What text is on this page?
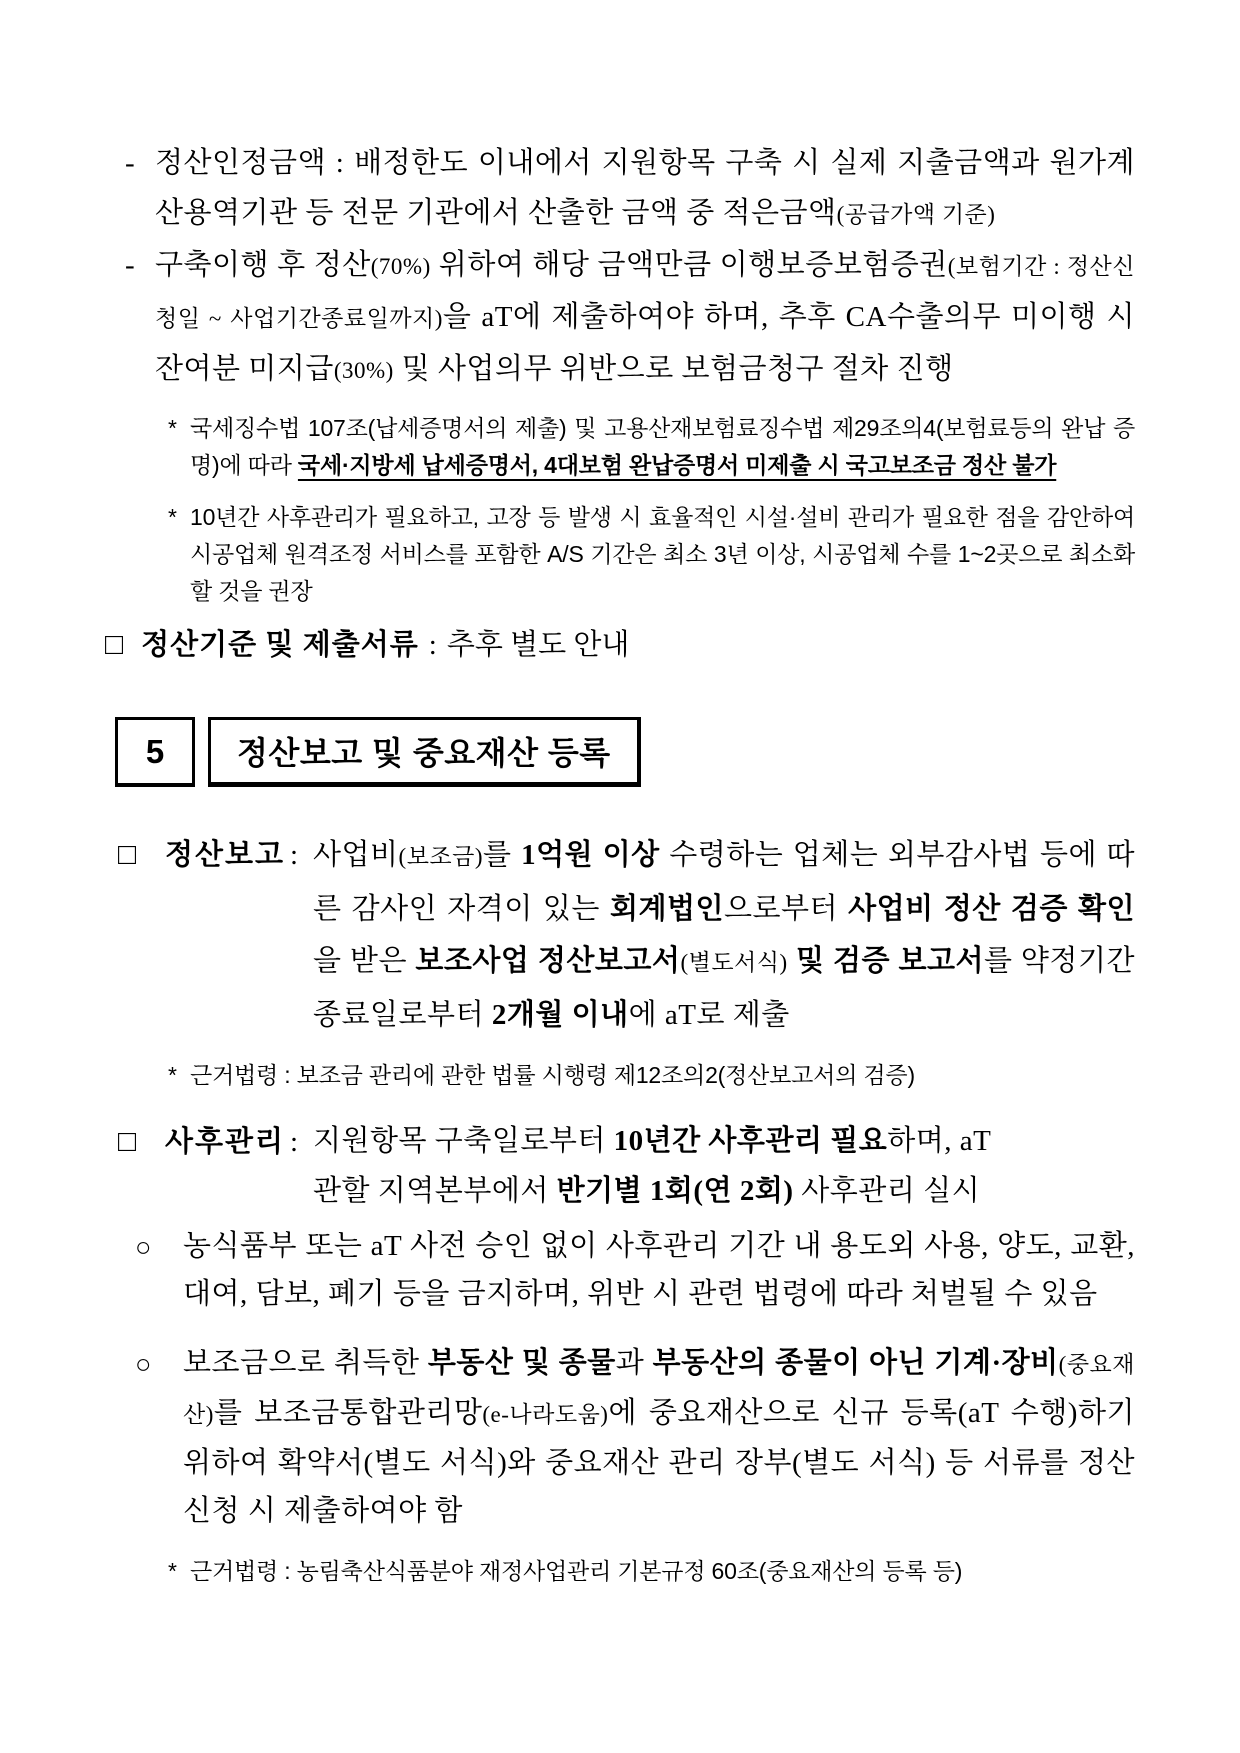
- 정산인정금액 : 배정한도 이내에서 지원항목 구축 시 실제 지출금액과 원가계산용역기관 등 전문 기관에서 산출한 금액 중 적은금액(공급가액 기준)
- 구축이행 후 정산(70%) 위하여 해당 금액만큼 이행보증보험증권(보험기간 : 정산신청일 ~ 사업기간종료일까지)을 aT에 제출하여야 하며, 추후 CA수출의무 미이행 시 잔여분 미지급(30%) 및 사업의무 위반으로 보험금청구 절차 진행
* 국세징수법 107조(납세증명서의 제출) 및 고용산재보험료징수법 제29조의4(보험료등의 완납 증명)에 따라 국세·지방세 납세증명서, 4대보험 완납증명서 미제출 시 국고보조금 정산 불가
* 10년간 사후관리가 필요하고, 고장 등 발생 시 효율적인 시설·설비 관리가 필요한 점을 감안하여 시공업체 원격조정 서비스를 포함한 A/S 기간은 최소 3년 이상, 시공업체 수를 1~2곳으로 최소화 할 것을 권장
□ 정산기준 및 제출서류 : 추후 별도 안내
5 정산보고 및 중요재산 등록
□ 정산보고 : 사업비(보조금)를 1억원 이상 수령하는 업체는 외부감사법 등에 따른 감사인 자격이 있는 회계법인으로부터 사업비 정산 검증 확인을 받은 보조사업 정산보고서(별도서식) 및 검증 보고서를 약정기간 종료일로부터 2개월 이내에 aT로 제출
* 근거법령 : 보조금 관리에 관한 법률 시행령 제12조의2(정산보고서의 검증)
□ 사후관리 : 지원항목 구축일로부터 10년간 사후관리 필요하며, aT
관할 지역본부에서 반기별 1회(연 2회) 사후관리 실시
○ 농식품부 또는 aT 사전 승인 없이 사후관리 기간 내 용도외 사용, 양도, 교환, 대여, 담보, 폐기 등을 금지하며, 위반 시 관련 법령에 따라 처벌될 수 있음
○ 보조금으로 취득한 부동산 및 종물과 부동산의 종물이 아닌 기계·장비(중요재산)를 보조금통합관리망(e-나라도움)에 중요재산으로 신규 등록(aT 수행)하기 위하여 확약서(별도 서식)와 중요재산 관리 장부(별도 서식) 등 서류를 정산신청 시 제출하여야 함
* 근거법령 : 농림축산식품분야 재정사업관리 기본규정 60조(중요재산의 등록 등)
